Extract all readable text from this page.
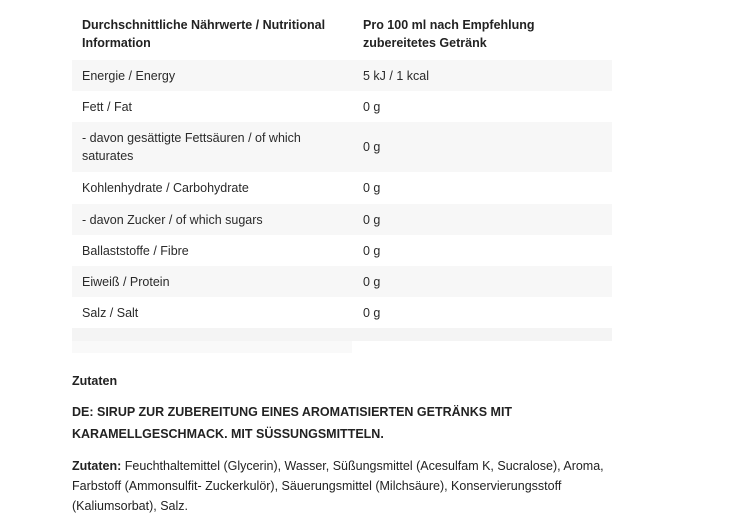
Durchschnittliche Nährwerte / Nutritional Information	Pro 100 ml nach Empfehlung zubereitetes Getränk
Energie / Energy	5 kJ / 1 kcal
Fett / Fat	0 g
- davon gesättigte Fettsäuren / of which saturates	0 g
Kohlenhydrate / Carbohydrate	0 g
- davon Zucker / of which sugars	0 g
Ballaststoffe / Fibre	0 g
Eiweiß / Protein	0 g
Salz / Salt	0 g

Zutaten

DE: SIRUP ZUR ZUBEREITUNG EINES AROMATISIERTEN GETRÄNKS MIT KARAMELLGESCHMACK. MIT SÜSSUNGSMITTELN.

Zutaten: Feuchthaltemittel (Glycerin), Wasser, Süßungsmittel (Acesulfam K, Sucralose), Aroma, Farbstoff (Ammonsulfit- Zuckerkulör), Säuerungsmittel (Milchsäure), Konservierungsstoff (Kaliumsorbat), Salz.
